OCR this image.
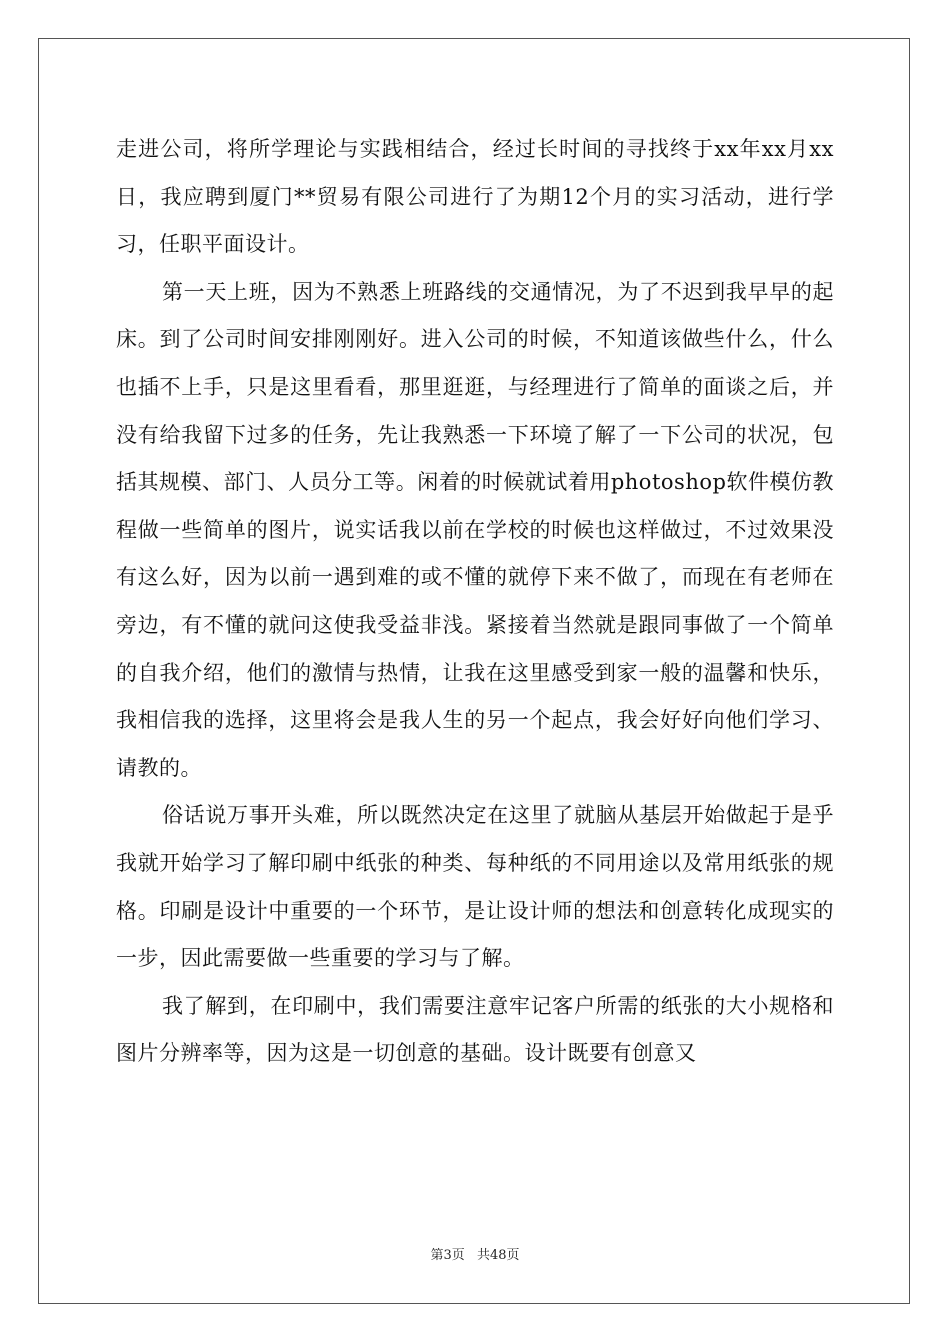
走进公司，将所学理论与实践相结合，经过长时间的寻找终于xx年xx月xx日，我应聘到厦门**贸易有限公司进行了为期12个月的实习活动，进行学习，任职平面设计。

第一天上班，因为不熟悉上班路线的交通情况，为了不迟到我早早的起床。到了公司时间安排刚刚好。进入公司的时候，不知道该做些什么，什么也插不上手，只是这里看看，那里逛逛，与经理进行了简单的面谈之后，并没有给我留下过多的任务，先让我熟悉一下环境了解了一下公司的状况，包括其规模、部门、人员分工等。闲着的时候就试着用photoshop软件模仿教程做一些简单的图片，说实话我以前在学校的时候也这样做过，不过效果没有这么好，因为以前一遇到难的或不懂的就停下来不做了，而现在有老师在旁边，有不懂的就问这使我受益非浅。紧接着当然就是跟同事做了一个简单的自我介绍，他们的激情与热情，让我在这里感受到家一般的温馨和快乐，我相信我的选择，这里将会是我人生的另一个起点，我会好好向他们学习、请教的。

俗话说万事开头难，所以既然决定在这里了就脑从基层开始做起于是乎我就开始学习了解印刷中纸张的种类、每种纸的不同用途以及常用纸张的规格。印刷是设计中重要的一个环节，是让设计师的想法和创意转化成现实的一步，因此需要做一些重要的学习与了解。

我了解到，在印刷中，我们需要注意牢记客户所需的纸张的大小规格和图片分辨率等，因为这是一切创意的基础。设计既要有创意又

第3页 共48页
